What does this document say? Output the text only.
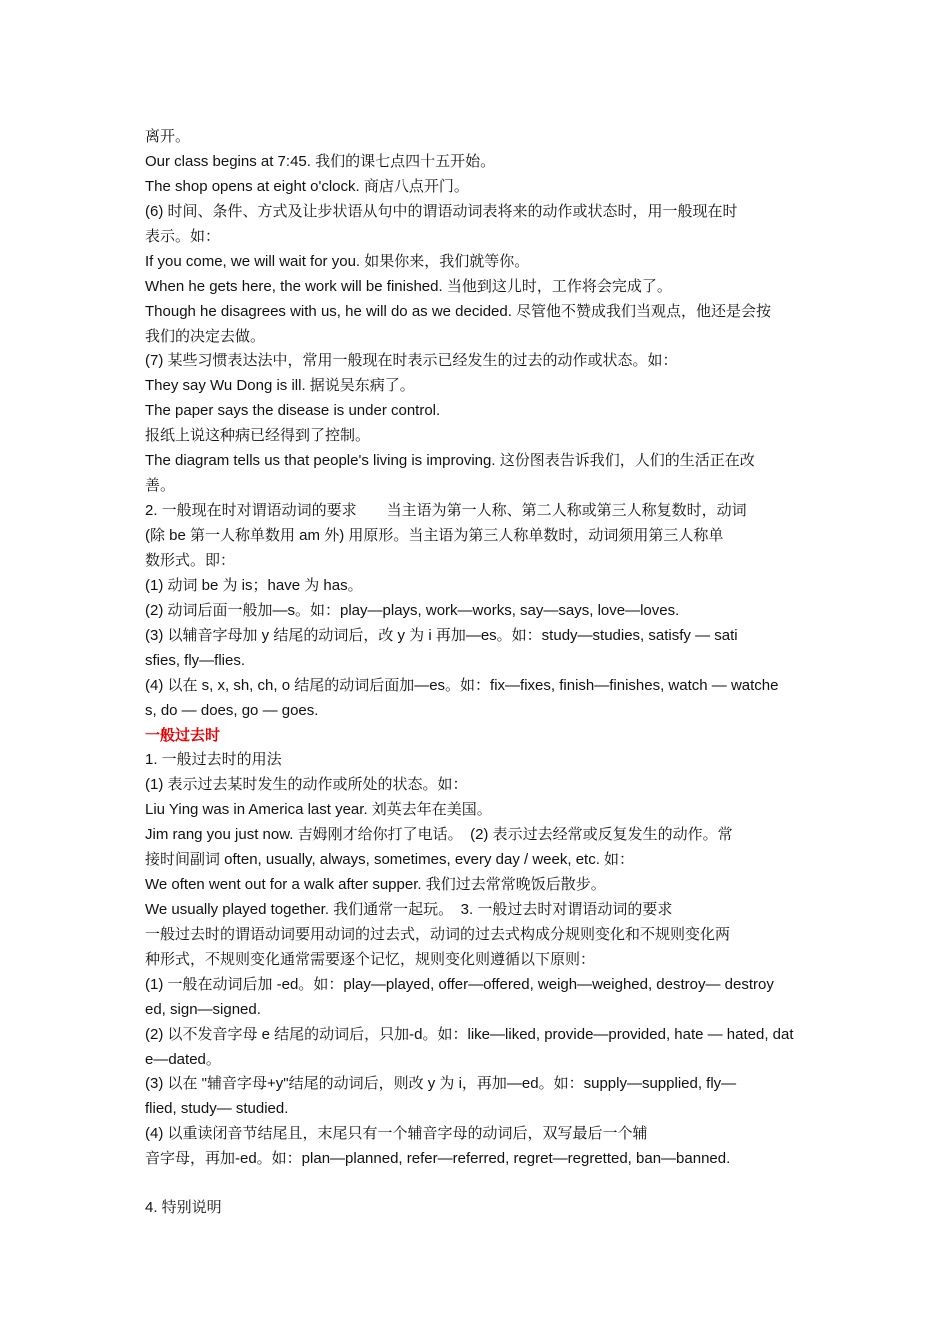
离开。
Our class begins at 7:45. 我们的课七点四十五开始。
The shop opens at eight o'clock. 商店八点开门。
(6) 时间、条件、方式及让步状语从句中的谓语动词表将来的动作或状态时，用一般现在时
表示。如：
If you come, we will wait for you. 如果你来，我们就等你。
When he gets here, the work will be finished. 当他到这儿时，工作将会完成了。
Though he disagrees with us, he will do as we decided. 尽管他不赞成我们当观点，他还是会按
我们的决定去做。
(7) 某些习惯表达法中，常用一般现在时表示已经发生的过去的动作或状态。如：
They say Wu Dong is ill. 据说吴东病了。
The paper says the disease is under control.
报纸上说这种病已经得到了控制。
The diagram tells us that people's living is improving. 这份图表告诉我们，人们的生活正在改
善。
2. 一般现在时对谓语动词的要求　　当主语为第一人称、第二人称或第三人称复数时，动词
(除 be 第一人称单数用 am 外) 用原形。当主语为第三人称单数时，动词须用第三人称单
数形式。即：
(1) 动词 be 为 is；have 为 has。
(2) 动词后面一般加—s。如：play—plays, work—works, say—says, love—loves.
(3) 以辅音字母加 y 结尾的动词后，改 y 为 i 再加—es。如：study—studies, satisfy — sati
sfies, fly—flies.
(4) 以在 s, x, sh, ch, o 结尾的动词后面加—es。如：fix—fixes, finish—finishes, watch — watche
s, do — does, go — goes.
一般过去时
1. 一般过去时的用法
(1) 表示过去某时发生的动作或所处的状态。如：
Liu Ying was in America last year. 刘英去年在美国。
Jim rang you just now. 吉姆刚才给你打了电话。　(2) 表示过去经常或反复发生的动作。常
接时间副词 often, usually, always, sometimes, every day / week, etc. 如：
We often went out for a walk after supper. 我们过去常常晚饭后散步。
We usually played together. 我们通常一起玩。　3. 一般过去时对谓语动词的要求
一般过去时的谓语动词要用动词的过去式，动词的过去式构成分规则变化和不规则变化两
种形式，不规则变化通常需要逐个记忆，规则变化则遵循以下原则：
(1) 一般在动词后加 -ed。如：play—played, offer—offered, weigh—weighed, destroy— destroy
ed, sign—signed.
(2) 以不发音字母 e 结尾的动词后，只加-d。如：like—liked, provide—provided, hate — hated, dat
e—dated。
(3) 以在 "辅音字母+y"结尾的动词后，则改 y 为 i，再加—ed。如：supply—supplied, fly—
flied, study— studied.
(4) 以重读闭音节结尾且，末尾只有一个辅音字母的动词后，双写最后一个辅
音字母，再加-ed。如：plan—planned, refer—referred, regret—regretted, ban—banned.
4. 特别说明
